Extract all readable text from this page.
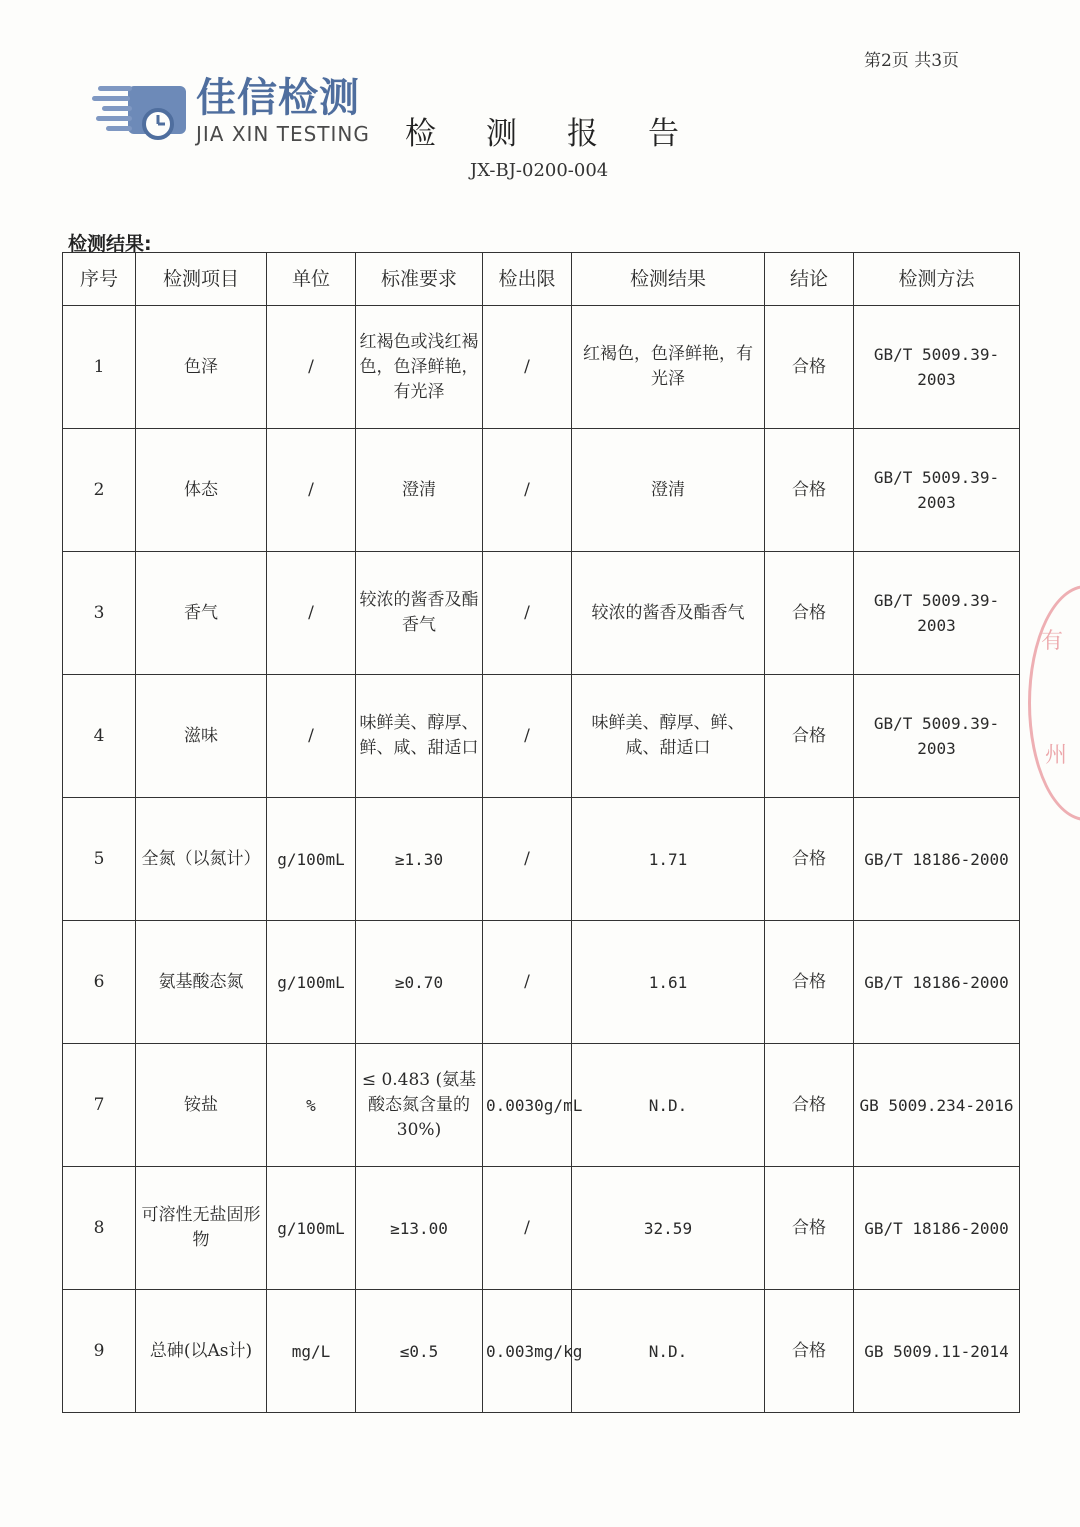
第2页 共3页
佳信检测
JIA XIN TESTING 检测报告
JX-BJ-0200-004
检测结果:
序号	检测项目	单位	标准要求	检出限	检测结果	结论	检测方法
1	色泽	/	红褐色或浅红褐色，色泽鲜艳，有光泽	/	红褐色，色泽鲜艳，有光泽	合格	GB/T 5009.39-2003
2	体态	/	澄清	/	澄清	合格	GB/T 5009.39-2003
3	香气	/	较浓的酱香及酯香气	/	较浓的酱香及酯香气	合格	GB/T 5009.39-2003
4	滋味	/	味鲜美、醇厚、鲜、咸、甜适口	/	味鲜美、醇厚、鲜、咸、甜适口	合格	GB/T 5009.39-2003
5	全氮（以氮计）	g/100mL	≥1.30	/	1.71	合格	GB/T 18186-2000
6	氨基酸态氮	g/100mL	≥0.70	/	1.61	合格	GB/T 18186-2000
7	铵盐	%	≤ 0.483 (氨基酸态氮含量的30%)	0.0030g/mL	N.D.	合格	GB 5009.234-2016
8	可溶性无盐固形物	g/100mL	≥13.00	/	32.59	合格	GB/T 18186-2000
9	总砷(以As计)	mg/L	≤0.5	0.003mg/kg	N.D.	合格	GB 5009.11-2014
有
州
